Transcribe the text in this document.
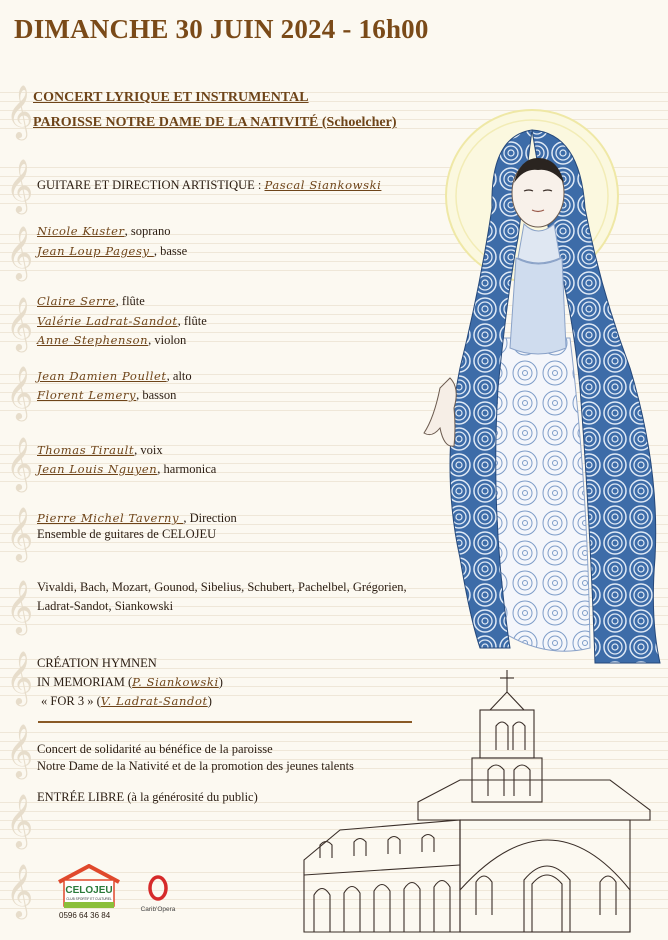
𝄞
𝄞
𝄞
𝄞
𝄞
𝄞
𝄞
𝄞
𝄞
𝄞
𝄞
𝄞
DIMANCHE 30 JUIN 2024 - 16h00
CONCERT LYRIQUE ET INSTRUMENTAL
PAROISSE NOTRE DAME DE LA NATIVITÉ (Schoelcher)
GUITARE ET DIRECTION ARTISTIQUE : Pascal Siankowski
Nicole Kuster, soprano
Jean Loup Pagesy , basse
Claire Serre, flûte
Valérie Ladrat-Sandot, flûte
Anne Stephenson, violon
Jean Damien Poullet, alto
Florent Lemery, basson
Thomas Tirault, voix
Jean Louis Nguyen, harmonica
Pierre Michel Taverny , Direction
Ensemble de guitares de CELOJEU
Vivaldi, Bach, Mozart, Gounod, Sibelius, Schubert, Pachelbel, Grégorien,
Ladrat-Sandot, Siankowski
CRÉATION HYMNEN
IN MEMORIAM (P. Siankowski)
« FOR 3 » (V. Ladrat-Sandot)
Concert de solidarité au bénéfice de la paroisse
Notre Dame de la Nativité et de la promotion des jeunes talents
ENTRÉE LIBRE (à la générosité du public)
CELOJEU
CLUB SPORTIF ET CULTUREL
0596 64 36 84
Carib'Opera
